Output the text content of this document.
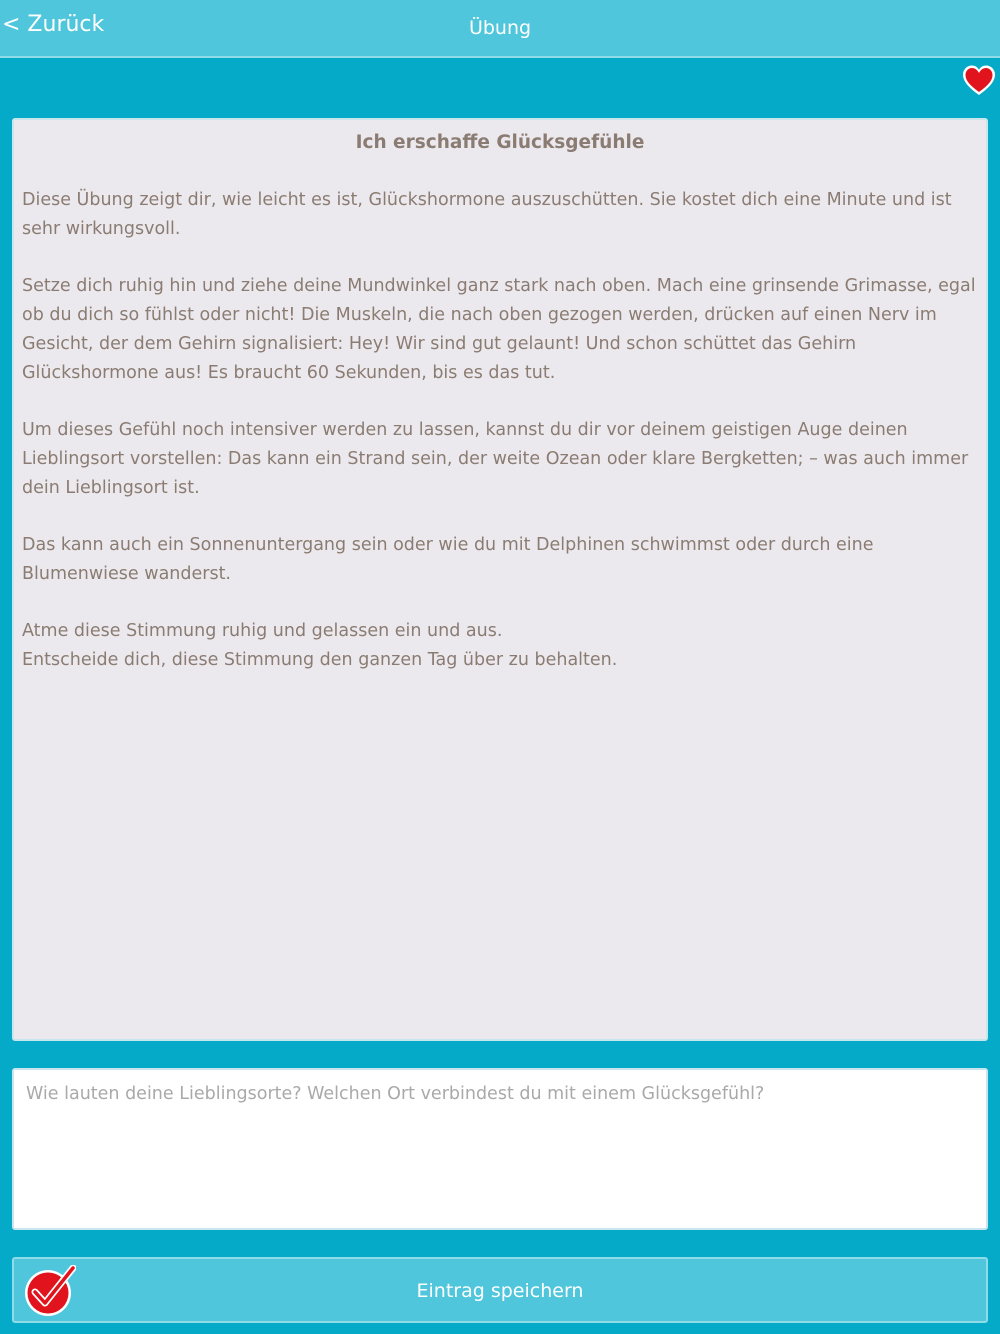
< Zurück	Übung
Ich erschaffe Glücksgefühle

Diese Übung zeigt dir, wie leicht es ist, Glückshormone auszuschütten. Sie kostet dich eine Minute und ist sehr wirkungsvoll.

Setze dich ruhig hin und ziehe deine Mundwinkel ganz stark nach oben. Mach eine grinsende Grimasse, egal ob du dich so fühlst oder nicht! Die Muskeln, die nach oben gezogen werden, drücken auf einen Nerv im Gesicht, der dem Gehirn signalisiert: Hey! Wir sind gut gelaunt! Und schon schüttet das Gehirn Glückshormone aus! Es braucht 60 Sekunden, bis es das tut.

Um dieses Gefühl noch intensiver werden zu lassen, kannst du dir vor deinem geistigen Auge deinen Lieblingsort vorstellen: Das kann ein Strand sein, der weite Ozean oder klare Bergketten; – was auch immer dein Lieblingsort ist.

Das kann auch ein Sonnenuntergang sein oder wie du mit Delphinen schwimmst oder durch eine Blumenwiese wanderst.

Atme diese Stimmung ruhig und gelassen ein und aus.

Entscheide dich, diese Stimmung den ganzen Tag über zu behalten.

Wie lauten deine Lieblingsorte? Welchen Ort verbindest du mit einem Glücksgefühl?
Eintrag speichern
